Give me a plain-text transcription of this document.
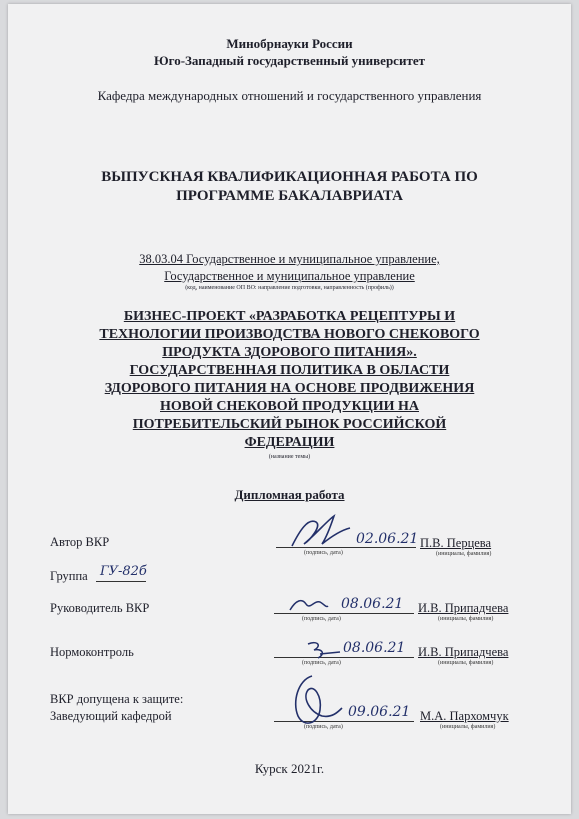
Минобрнауки России
Юго-Западный государственный университет
Кафедра международных отношений и государственного управления
ВЫПУСКНАЯ КВАЛИФИКАЦИОННАЯ РАБОТА ПО
ПРОГРАММЕ БАКАЛАВРИАТА
38.03.04 Государственное и муниципальное управление,
Государственное и муниципальное управление
(код, наименование ОП ВО: направление подготовки, направленность (профиль))
БИЗНЕС-ПРОЕКТ «РАЗРАБОТКА РЕЦЕПТУРЫ И
ТЕХНОЛОГИИ ПРОИЗВОДСТВА НОВОГО СНЕКОВОГО
ПРОДУКТА ЗДОРОВОГО ПИТАНИЯ».
ГОСУДАРСТВЕННАЯ ПОЛИТИКА В ОБЛАСТИ
ЗДОРОВОГО ПИТАНИЯ НА ОСНОВЕ ПРОДВИЖЕНИЯ
НОВОЙ СНЕКОВОЙ ПРОДУКЦИИ НА
ПОТРЕБИТЕЛЬСКИЙ РЫНОК РОССИЙСКОЙ
ФЕДЕРАЦИИ
(название темы)
Дипломная работа
Автор ВКР	02.06.21
(подпись, дата)
П.В. Перцева
(инициалы, фамилия)
Группа ГУ-82б
Руководитель ВКР	08.06.21
(подпись, дата)
И.В. Припадчева
(инициалы, фамилия)
Нормоконтроль	08.06.21
(подпись, дата)
И.В. Припадчева
(инициалы, фамилия)
ВКР допущена к защите:
Заведующий кафедрой	09.06.21
(подпись, дата)
М.А. Пархомчук
(инициалы, фамилия)
Курск 2021г.
